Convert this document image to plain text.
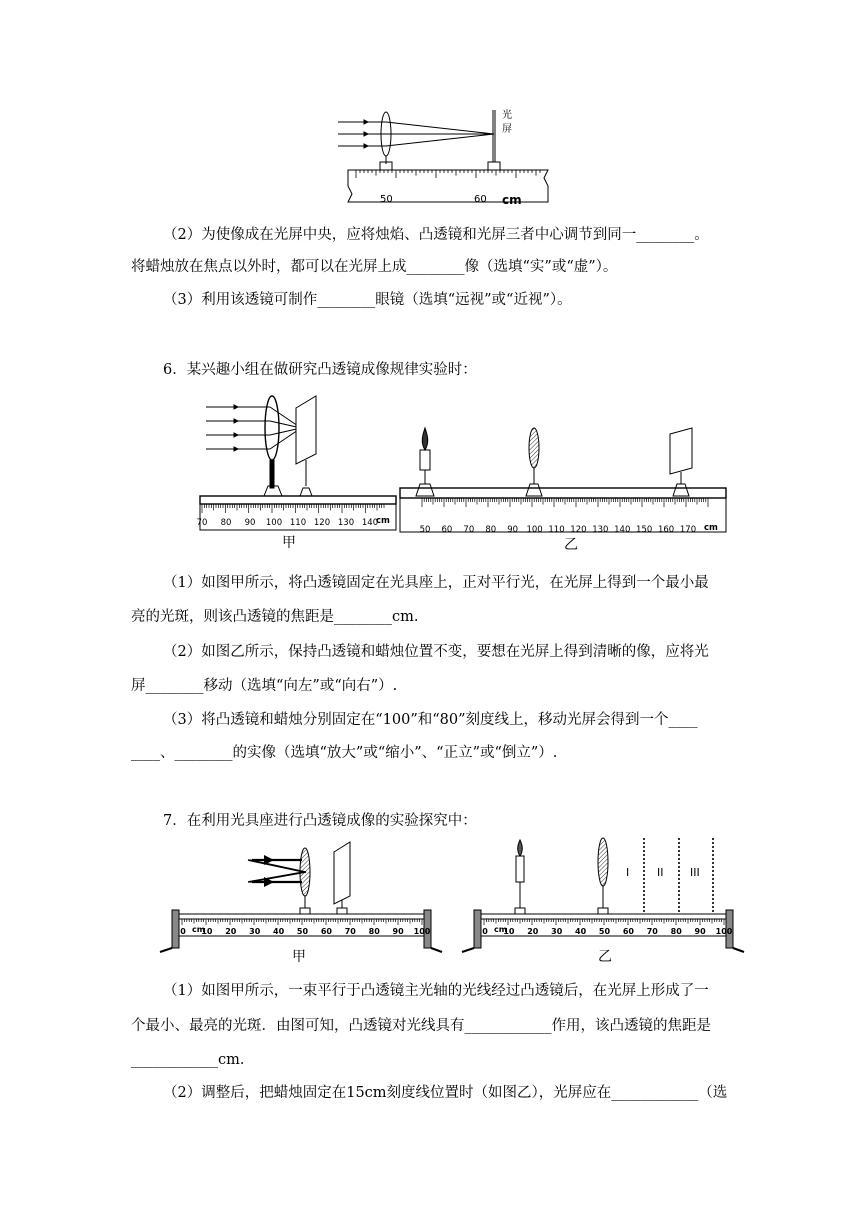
光
屏
50	60 cm
（2）为使像成在光屏中央，应将烛焰、凸透镜和光屏三者中心调节到同一________。
将蜡烛放在焦点以外时，都可以在光屏上成________像（选填“实”或“虚”）。
（3）利用该透镜可制作________眼镜（选填“远视”或“近视”）。
6．某兴趣小组在做研究凸透镜成像规律实验时：
70 80 90 100 110 120 130 140
cm
甲
50 60 70 80 90 100 110 120 130 140 150 160 170 cm
乙
（1）如图甲所示，将凸透镜固定在光具座上，正对平行光，在光屏上得到一个最小最
亮的光斑，则该凸透镜的焦距是________cm.
（2）如图乙所示，保持凸透镜和蜡烛位置不变，要想在光屏上得到清晰的像，应将光
屏________移动（选填“向左”或“向右”）.
（3）将凸透镜和蜡烛分别固定在“100”和“80”刻度线上，移动光屏会得到一个____
____、________的实像（选填“放大”或“缩小”、“正立”或“倒立”）.
7．在利用光具座进行凸透镜成像的实验探究中：
0 10 20 30 40 50 60 70 80 90 100
cm
甲
I	II III
0 10 20 30 40 50 60 70 80 90 100
cm
乙
（1）如图甲所示，一束平行于凸透镜主光轴的光线经过凸透镜后，在光屏上形成了一
个最小、最亮的光斑．由图可知，凸透镜对光线具有____________作用，该凸透镜的焦距是
____________cm．
（2）调整后，把蜡烛固定在15cm刻度线位置时（如图乙），光屏应在____________（选
